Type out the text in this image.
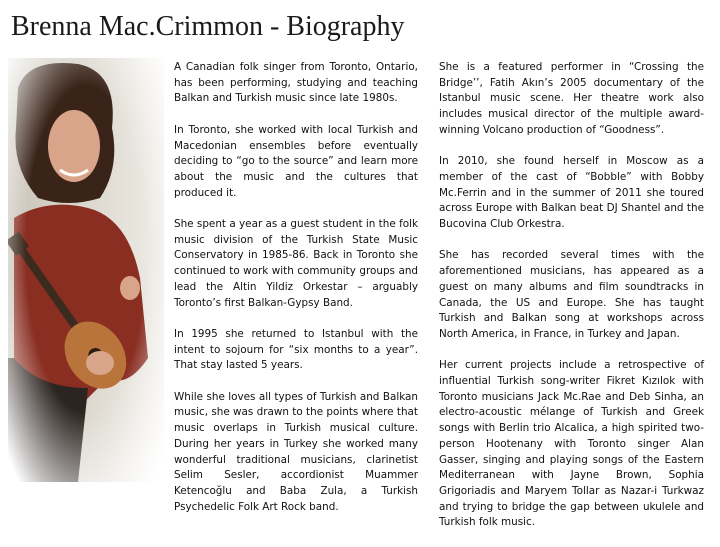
Brenna Mac.Crimmon - Biography

A Canadian folk singer from Toronto, Ontario, has been performing, studying and teaching Balkan and Turkish music since late 1980s.

In Toronto, she worked with local Turkish and Macedonian ensembles before eventually deciding to “go to the source” and learn more about the music and the cultures that produced it.

She spent a year as a guest student in the folk music division of the Turkish State Music Conservatory in 1985-86. Back in Toronto she continued to work with community groups and lead the Altin Yildiz Orkestar – arguably Toronto’s first Balkan-Gypsy Band.

In 1995 she returned to Istanbul with the intent to sojourn for “six months to a year”. That stay lasted 5 years.

While she loves all types of Turkish and Balkan music, she was drawn to the points where that music overlaps in Turkish musical culture. During her years in Turkey she worked many wonderful traditional musicians, clarinetist Selim Sesler, accordionist Muammer Ketencoğlu and Baba Zula, a Turkish Psychedelic Folk Art Rock band.

She is a featured performer in “Crossing the Bridge’’, Fatih Akın’s 2005 documentary of the Istanbul music scene. Her theatre work also includes musical director of the multiple award-winning Volcano production of “Goodness”.

In 2010, she found herself in Moscow as a member of the cast of “Bobble” with Bobby Mc.Ferrin and in the summer of 2011 she toured across Europe with Balkan beat DJ Shantel and the Bucovina Club Orkestra.

She has recorded several times with the aforementioned musicians, has appeared as a guest on many albums and film soundtracks in Canada, the US and Europe. She has taught Turkish and Balkan song at workshops across North America, in France, in Turkey and Japan.

Her current projects include a retrospective of influential Turkish song-writer Fikret Kızılok with Toronto musicians Jack Mc.Rae and Deb Sinha, an electro-acoustic mélange of Turkish and Greek songs with Berlin trio Alcalica, a high spirited two-person Hootenany with Toronto singer Alan Gasser, singing and playing songs of the Eastern Mediterranean with Jayne Brown, Sophia Grigoriadis and Maryem Tollar as Nazar-i Turkwaz and trying to bridge the gap between ukulele and Turkish folk music.
